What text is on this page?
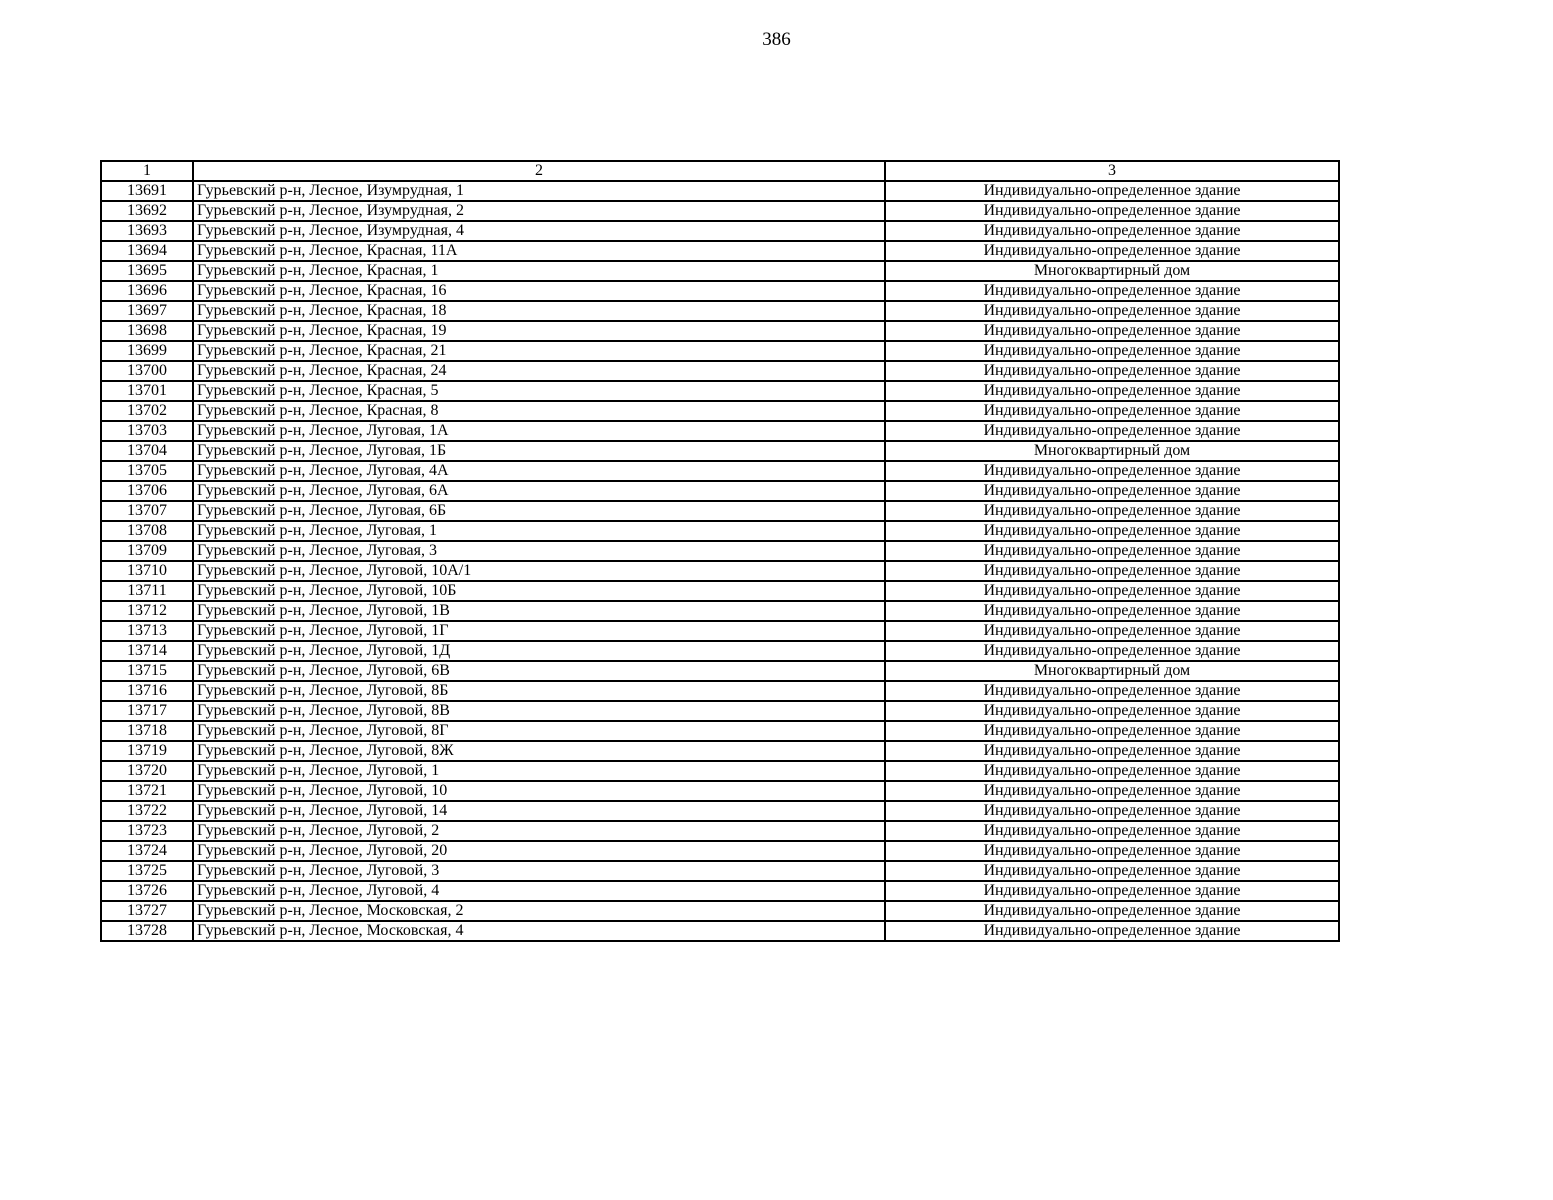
386
1	2	3
13691	Гурьевский р-н, Лесное, Изумрудная, 1	Индивидуально-определенное здание
13692	Гурьевский р-н, Лесное, Изумрудная, 2	Индивидуально-определенное здание
13693	Гурьевский р-н, Лесное, Изумрудная, 4	Индивидуально-определенное здание
13694	Гурьевский р-н, Лесное, Красная, 11А	Индивидуально-определенное здание
13695	Гурьевский р-н, Лесное, Красная, 1	Многоквартирный дом
13696	Гурьевский р-н, Лесное, Красная, 16	Индивидуально-определенное здание
13697	Гурьевский р-н, Лесное, Красная, 18	Индивидуально-определенное здание
13698	Гурьевский р-н, Лесное, Красная, 19	Индивидуально-определенное здание
13699	Гурьевский р-н, Лесное, Красная, 21	Индивидуально-определенное здание
13700	Гурьевский р-н, Лесное, Красная, 24	Индивидуально-определенное здание
13701	Гурьевский р-н, Лесное, Красная, 5	Индивидуально-определенное здание
13702	Гурьевский р-н, Лесное, Красная, 8	Индивидуально-определенное здание
13703	Гурьевский р-н, Лесное, Луговая, 1А	Индивидуально-определенное здание
13704	Гурьевский р-н, Лесное, Луговая, 1Б	Многоквартирный дом
13705	Гурьевский р-н, Лесное, Луговая, 4А	Индивидуально-определенное здание
13706	Гурьевский р-н, Лесное, Луговая, 6А	Индивидуально-определенное здание
13707	Гурьевский р-н, Лесное, Луговая, 6Б	Индивидуально-определенное здание
13708	Гурьевский р-н, Лесное, Луговая, 1	Индивидуально-определенное здание
13709	Гурьевский р-н, Лесное, Луговая, 3	Индивидуально-определенное здание
13710	Гурьевский р-н, Лесное, Луговой, 10А/1	Индивидуально-определенное здание
13711	Гурьевский р-н, Лесное, Луговой, 10Б	Индивидуально-определенное здание
13712	Гурьевский р-н, Лесное, Луговой, 1В	Индивидуально-определенное здание
13713	Гурьевский р-н, Лесное, Луговой, 1Г	Индивидуально-определенное здание
13714	Гурьевский р-н, Лесное, Луговой, 1Д	Индивидуально-определенное здание
13715	Гурьевский р-н, Лесное, Луговой, 6В	Многоквартирный дом
13716	Гурьевский р-н, Лесное, Луговой, 8Б	Индивидуально-определенное здание
13717	Гурьевский р-н, Лесное, Луговой, 8В	Индивидуально-определенное здание
13718	Гурьевский р-н, Лесное, Луговой, 8Г	Индивидуально-определенное здание
13719	Гурьевский р-н, Лесное, Луговой, 8Ж	Индивидуально-определенное здание
13720	Гурьевский р-н, Лесное, Луговой, 1	Индивидуально-определенное здание
13721	Гурьевский р-н, Лесное, Луговой, 10	Индивидуально-определенное здание
13722	Гурьевский р-н, Лесное, Луговой, 14	Индивидуально-определенное здание
13723	Гурьевский р-н, Лесное, Луговой, 2	Индивидуально-определенное здание
13724	Гурьевский р-н, Лесное, Луговой, 20	Индивидуально-определенное здание
13725	Гурьевский р-н, Лесное, Луговой, 3	Индивидуально-определенное здание
13726	Гурьевский р-н, Лесное, Луговой, 4	Индивидуально-определенное здание
13727	Гурьевский р-н, Лесное, Московская, 2	Индивидуально-определенное здание
13728	Гурьевский р-н, Лесное, Московская, 4	Индивидуально-определенное здание
